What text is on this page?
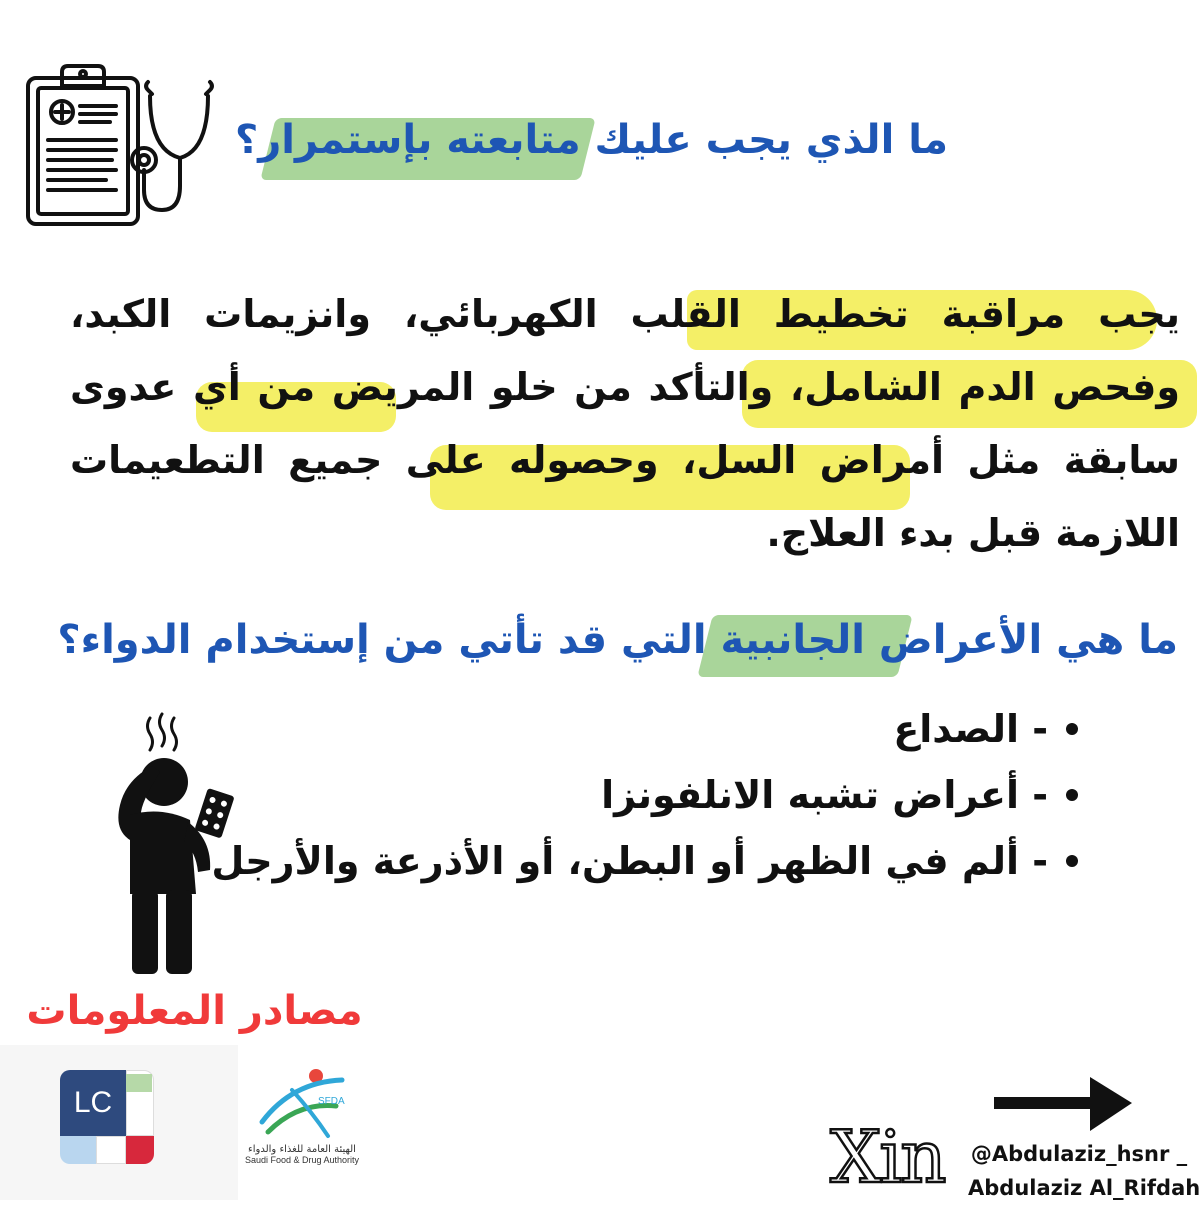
ما الذي يجب عليك متابعته بإستمرار؟
يجب مراقبة تخطيط القلب الكهربائي، وانزيمات الكبد، وفحص الدم الشامل، والتأكد من خلو المريض من أي عدوى سابقة مثل أمراض السل، وحصوله على جميع التطعيمات اللازمة قبل بدء العلاج.
ما هي الأعراض الجانبية التي قد تأتي من إستخدام الدواء؟
- الصداع
- أعراض تشبه الانلفونزا
- ألم في الظهر أو البطن، أو الأذرعة والأرجل
مصادر المعلومات
LC	SFDA
الهيئة العامة للغذاء والدواء
Saudi Food & Drug Authority	Xin @Abdulaziz_hsnr _
Abdulaziz Al_Rifdah
